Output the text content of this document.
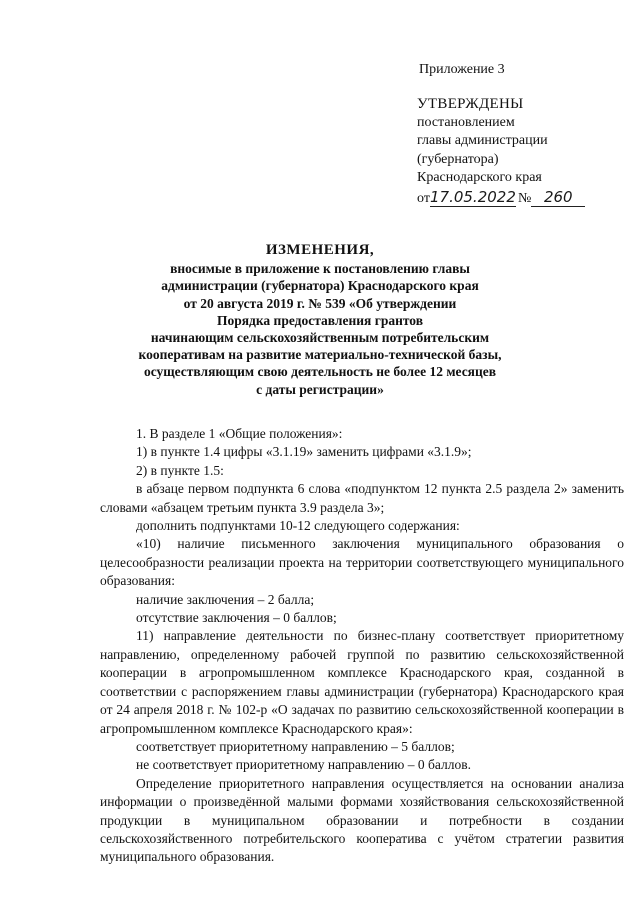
Приложение 3
УТВЕРЖДЕНЫ
постановлением
главы администрации
(губернатора)
Краснодарского края
от17.05.2022 № 260
ИЗМЕНЕНИЯ,
вносимые в приложение к постановлению главы
администрации (губернатора) Краснодарского края
от 20 августа 2019 г. № 539 «Об утверждении
Порядка предоставления грантов
начинающим сельскохозяйственным потребительским
кооперативам на развитие материально-технической базы,
осуществляющим свою деятельность не более 12 месяцев
с даты регистрации»

1. В разделе 1 «Общие положения»:

1) в пункте 1.4 цифры «3.1.19» заменить цифрами «3.1.9»;

2) в пункте 1.5:

в абзаце первом подпункта 6 слова «подпунктом 12 пункта 2.5 раздела 2» заменить словами «абзацем третьим пункта 3.9 раздела 3»;

дополнить подпунктами 10-12 следующего содержания:

«10) наличие письменного заключения муниципального образования о целесообразности реализации проекта на территории соответствующего муниципального образования:

наличие заключения – 2 балла;

отсутствие заключения – 0 баллов;

11) направление деятельности по бизнес-плану соответствует приоритетному направлению, определенному рабочей группой по развитию сельскохозяйственной кооперации в агропромышленном комплексе Краснодарского края, созданной в соответствии с распоряжением главы администрации (губернатора) Краснодарского края от 24 апреля 2018 г. № 102-р «О задачах по развитию сельскохозяйственной кооперации в агропромышленном комплексе Краснодарского края»:

соответствует приоритетному направлению – 5 баллов;

не соответствует приоритетному направлению – 0 баллов.

Определение приоритетного направления осуществляется на основании анализа информации о произведённой малыми формами хозяйствования сельскохозяйственной продукции в муниципальном образовании и потребности в создании сельскохозяйственного потребительского кооператива с учётом стратегии развития муниципального образования.
